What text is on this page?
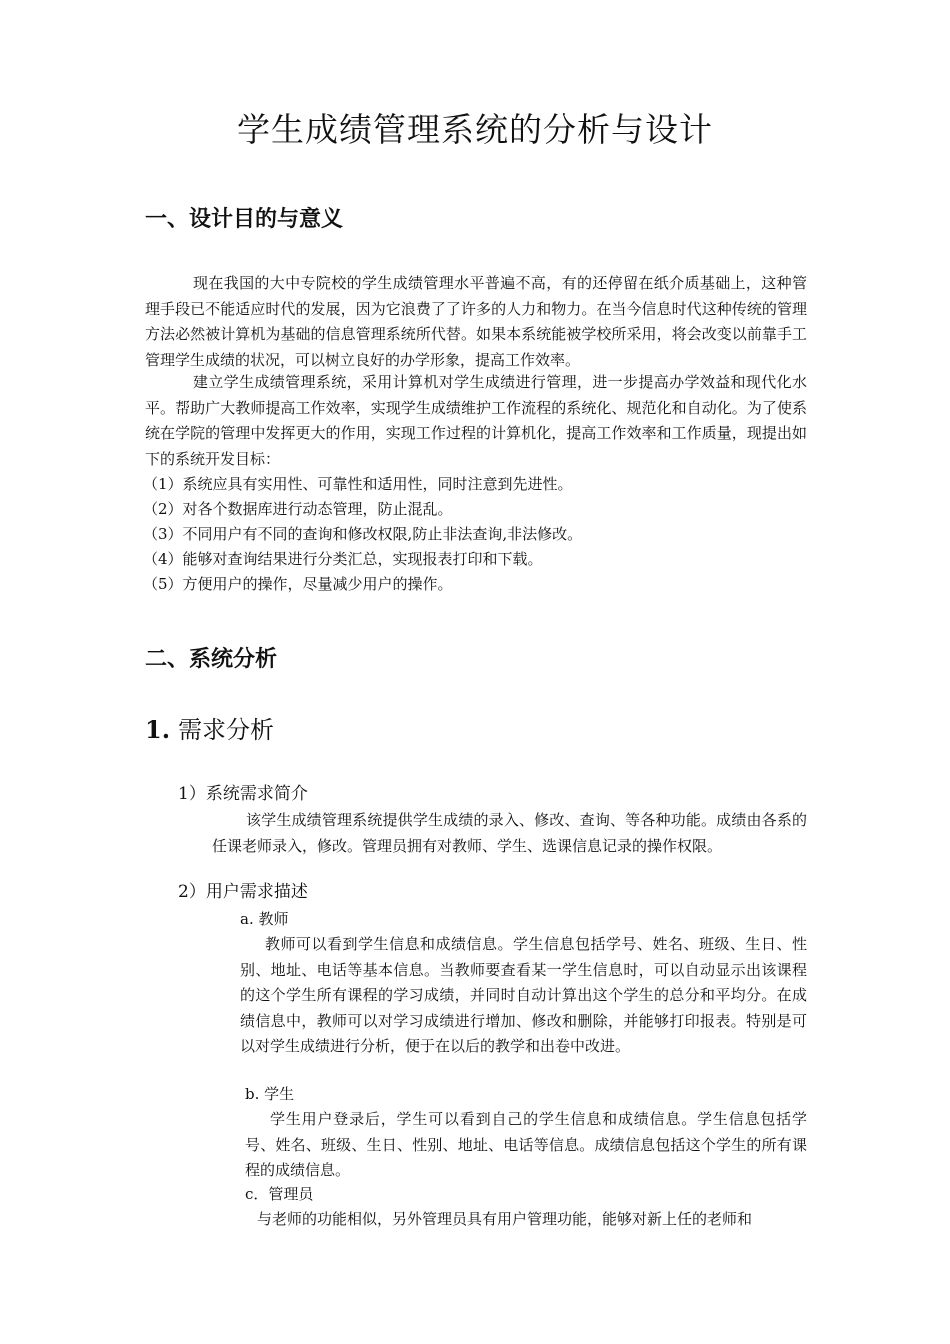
学生成绩管理系统的分析与设计
一、设计目的与意义
现在我国的大中专院校的学生成绩管理水平普遍不高，有的还停留在纸介质基础上，这种管理手段已不能适应时代的发展，因为它浪费了了许多的人力和物力。在当今信息时代这种传统的管理方法必然被计算机为基础的信息管理系统所代替。如果本系统能被学校所采用，将会改变以前靠手工管理学生成绩的状况，可以树立良好的办学形象，提高工作效率。
建立学生成绩管理系统，采用计算机对学生成绩进行管理，进一步提高办学效益和现代化水平。帮助广大教师提高工作效率，实现学生成绩维护工作流程的系统化、规范化和自动化。为了使系统在学院的管理中发挥更大的作用，实现工作过程的计算机化，提高工作效率和工作质量，现提出如下的系统开发目标：
（1）系统应具有实用性、可靠性和适用性，同时注意到先进性。
（2）对各个数据库进行动态管理，防止混乱。
（3）不同用户有不同的查询和修改权限,防止非法查询,非法修改。
（4）能够对查询结果进行分类汇总，实现报表打印和下载。
（5）方便用户的操作，尽量减少用户的操作。
二、系统分析
1. 需求分析
1）系统需求简介
该学生成绩管理系统提供学生成绩的录入、修改、查询、等各种功能。成绩由各系的任课老师录入，修改。管理员拥有对教师、学生、选课信息记录的操作权限。
2）用户需求描述
a. 教师
教师可以看到学生信息和成绩信息。学生信息包括学号、姓名、班级、生日、性别、地址、电话等基本信息。当教师要查看某一学生信息时，可以自动显示出该课程的这个学生所有课程的学习成绩，并同时自动计算出这个学生的总分和平均分。在成绩信息中，教师可以对学习成绩进行增加、修改和删除，并能够打印报表。特别是可以对学生成绩进行分析，便于在以后的教学和出卷中改进。
b. 学生
学生用户登录后，学生可以看到自己的学生信息和成绩信息。学生信息包括学号、姓名、班级、生日、性别、地址、电话等信息。成绩信息包括这个学生的所有课程的成绩信息。
c．管理员
与老师的功能相似，另外管理员具有用户管理功能，能够对新上任的老师和
